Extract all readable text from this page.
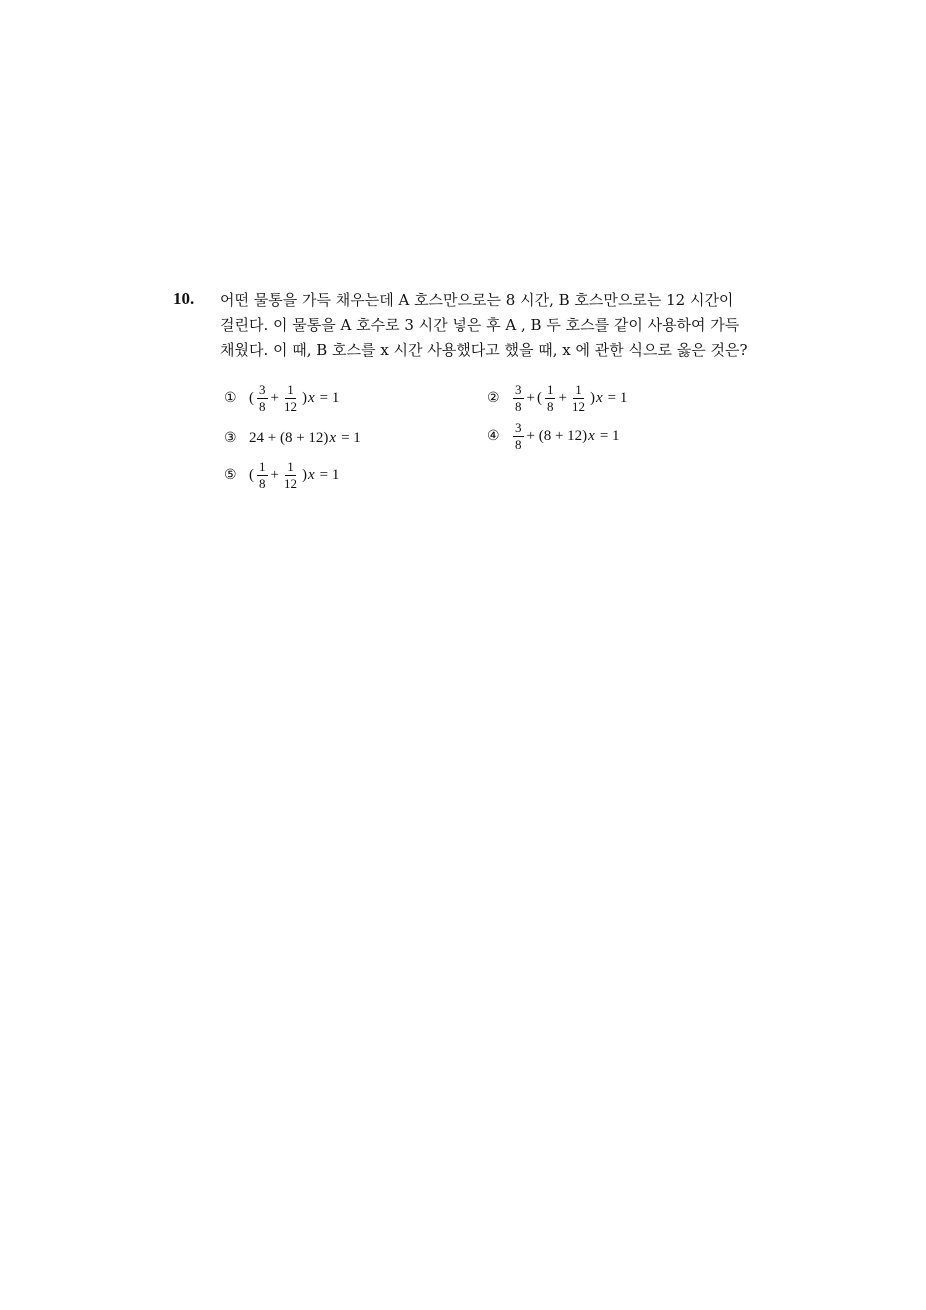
10. 어떤 물통을 가득 채우는데 A 호스만으로는 8 시간, B 호스만으로는 12 시간이
걸린다. 이 물통을 A 호수로 3 시간 넣은 후 A , B 두 호스를 같이 사용하여 가득
채웠다. 이 때, B 호스를 x 시간 사용했다고 했을 때, x 에 관한 식으로 옳은 것은?
① ( $\frac{3}{8} + \frac{1}{12}$ ) x = 1	②	$\frac{3}{8}$ + ( $\frac{1}{8} + \frac{1}{12}$ ) x = 1
③ 24 + (8 + 12) x = 1	④	$\frac{3}{8} + (8 + 12) x = 1$
⑤ ( $\frac{1}{8} + \frac{1}{12}$ ) x = 1
